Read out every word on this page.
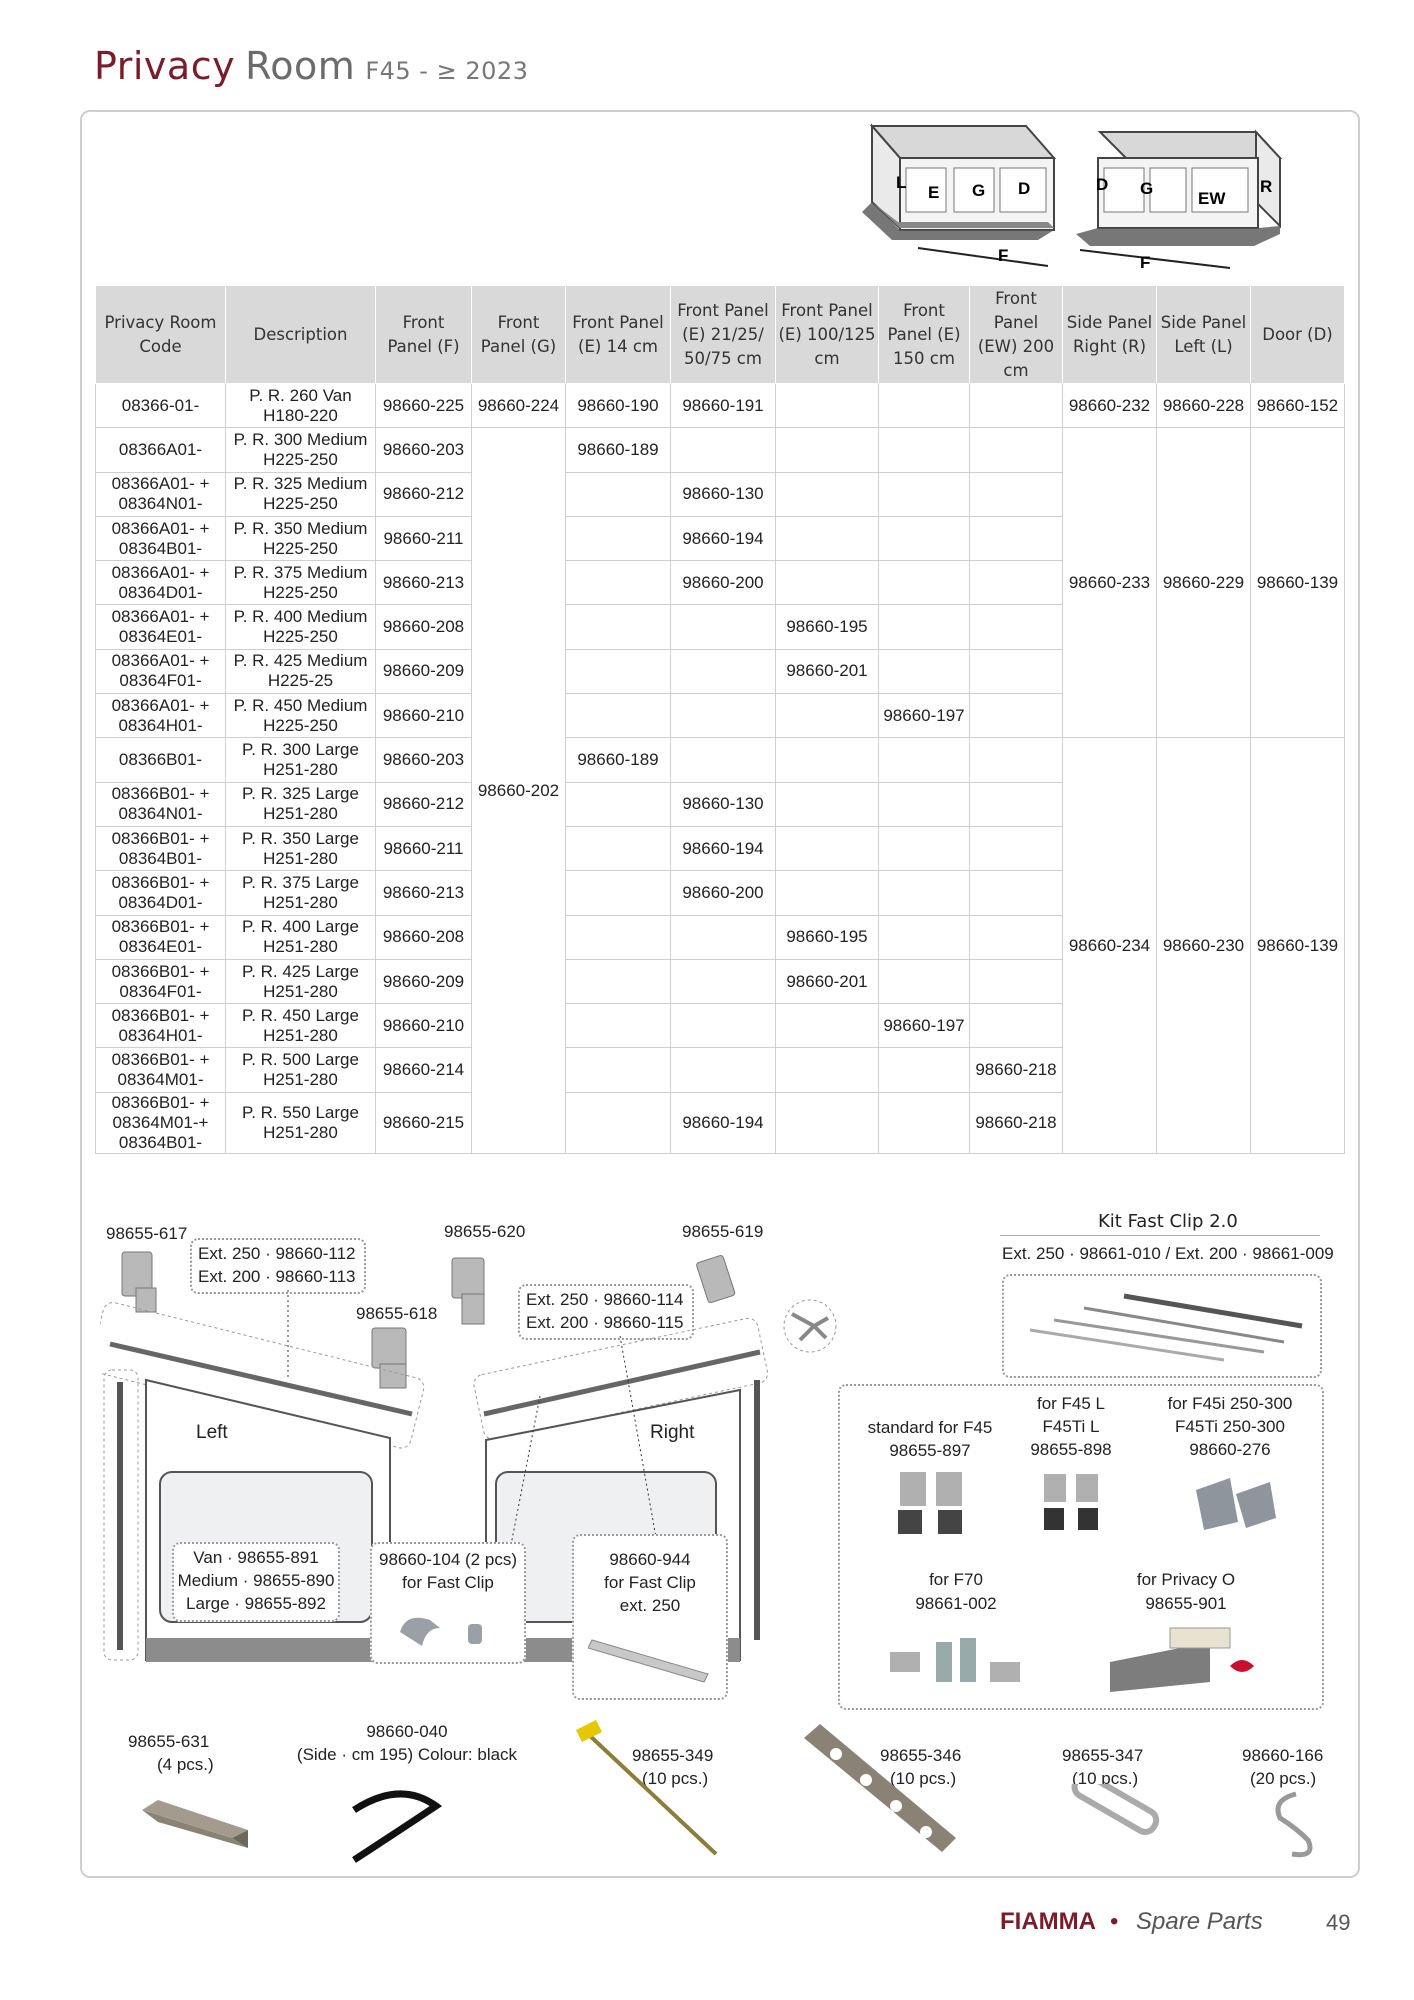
Privacy Room F45 - ≥ 2023
L
E G D
F
D G
EW
R
F
Privacy Room Code	Description	Front Panel (F)	Front Panel (G)	Front Panel (E) 14 cm	Front Panel (E) 21/25/ 50/75 cm	Front Panel (E) 100/125 cm	Front Panel (E) 150 cm	Front Panel (EW) 200 cm	Side Panel Right (R)	Side Panel Left (L)	Door (D)
08366-01-	P. R. 260 Van H180-220	98660-225	98660-224	98660-190	98660-191				98660-232	98660-228	98660-152
08366A01-	P. R. 300 Medium H225-250	98660-203	98660-202	98660-189					98660-233	98660-229	98660-139
08366A01- + 08364N01-	P. R. 325 Medium H225-250	98660-212			98660-130						
08366A01- + 08364B01-	P. R. 350 Medium H225-250	98660-211			98660-194						
08366A01- + 08364D01-	P. R. 375 Medium H225-250	98660-213			98660-200						
08366A01- + 08364E01-	P. R. 400 Medium H225-250	98660-208				98660-195					
08366A01- + 08364F01-	P. R. 425 Medium H225-25	98660-209				98660-201					
08366A01- + 08364H01-	P. R. 450 Medium H225-250	98660-210					98660-197				
08366B01-	P. R. 300 Large H251-280	98660-203		98660-189					98660-234	98660-230	98660-139
08366B01- + 08364N01-	P. R. 325 Large H251-280	98660-212			98660-130						
08366B01- + 08364B01-	P. R. 350 Large H251-280	98660-211			98660-194						
08366B01- + 08364D01-	P. R. 375 Large H251-280	98660-213			98660-200						
08366B01- + 08364E01-	P. R. 400 Large H251-280	98660-208				98660-195					
08366B01- + 08364F01-	P. R. 425 Large H251-280	98660-209				98660-201					
08366B01- + 08364H01-	P. R. 450 Large H251-280	98660-210					98660-197				
08366B01- + 08364M01-	P. R. 500 Large H251-280	98660-214						98660-218			
08366B01- + 08364M01-+ 08364B01-	P. R. 550 Large H251-280	98660-215			98660-194			98660-218			
98655-617
Ext. 250 · 98660-112
Ext. 200 · 98660-113
98655-620
98655-618
Ext. 250 · 98660-114
Ext. 200 · 98660-115
98655-619
Left	Right
Van · 98655-891
Medium · 98655-890
Large · 98655-892
98660-104 (2 pcs)
for Fast Clip
98660-944
for Fast Clip
ext. 250
Kit Fast Clip 2.0
Ext. 250 · 98661-010 / Ext. 200 · 98661-009
standard for F45
98655-897
for F45 L
F45Ti L
98655-898
for F45i 250-300
F45Ti 250-300
98660-276
for F70
98661-002
for Privacy O
98655-901
98655-631
(4 pcs.)
98660-040
(Side · cm 195) Colour: black	98655-349
(10 pcs.)
98655-346
(10 pcs.)
98655-347
(10 pcs.)
98660-166
(20 pcs.)
FIAMMA • Spare Parts	49
